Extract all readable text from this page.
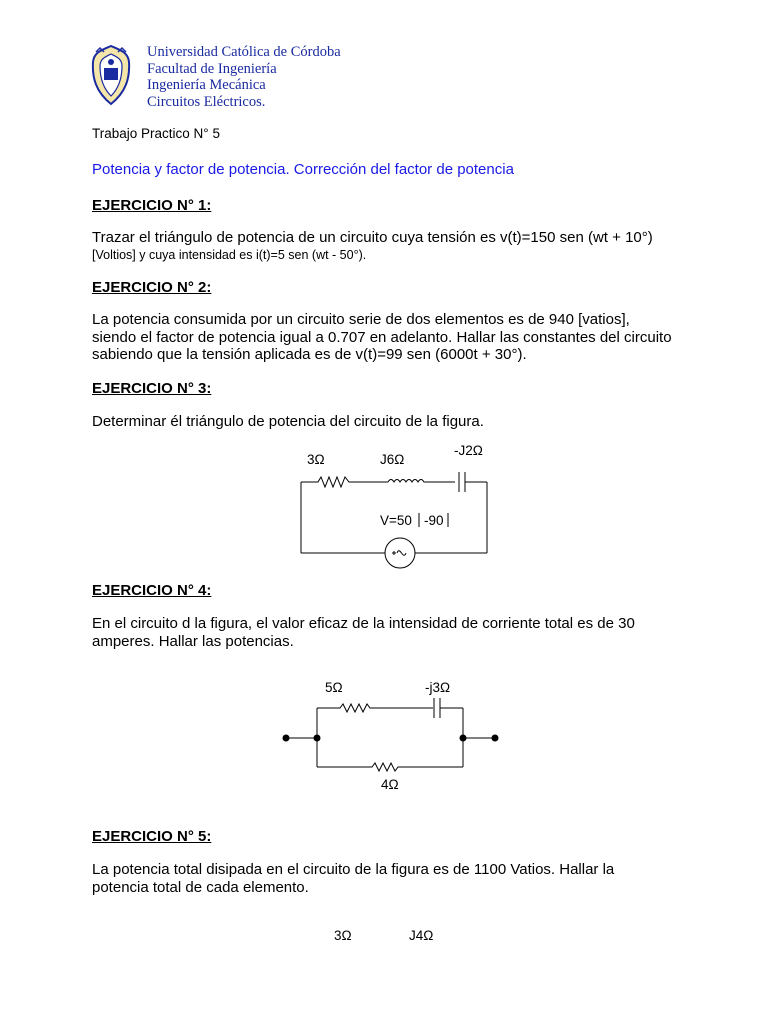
Universidad Católica de Córdoba
Facultad de Ingeniería
Ingeniería Mecánica
Circuitos Eléctricos.
Trabajo Practico N° 5
Potencia y factor de potencia. Corrección del factor de potencia
EJERCICIO N° 1:
Trazar el triángulo de potencia de un circuito cuya tensión es v(t)=150 sen (wt + 10°)
[Voltios] y cuya intensidad es i(t)=5 sen (wt - 50°).
EJERCICIO N° 2:
La potencia consumida por un circuito serie de dos elementos es de 940 [vatios], siendo el factor de potencia igual a 0.707 en adelanto. Hallar las constantes del circuito sabiendo que la tensión aplicada es de v(t)=99 sen (6000t + 30°).
EJERCICIO N° 3:
Determinar él triángulo de potencia del circuito de la figura.
3Ω	J6Ω
-J2Ω
V=50 -90
EJERCICIO N° 4:
En el circuito d la figura, el valor eficaz de la intensidad de corriente total es de 30 amperes. Hallar las potencias.
5Ω	-j3Ω
4Ω
EJERCICIO N° 5:
La potencia total disipada en el circuito de la figura es de 1100 Vatios. Hallar la potencia total de cada elemento.
3Ω	J4Ω
